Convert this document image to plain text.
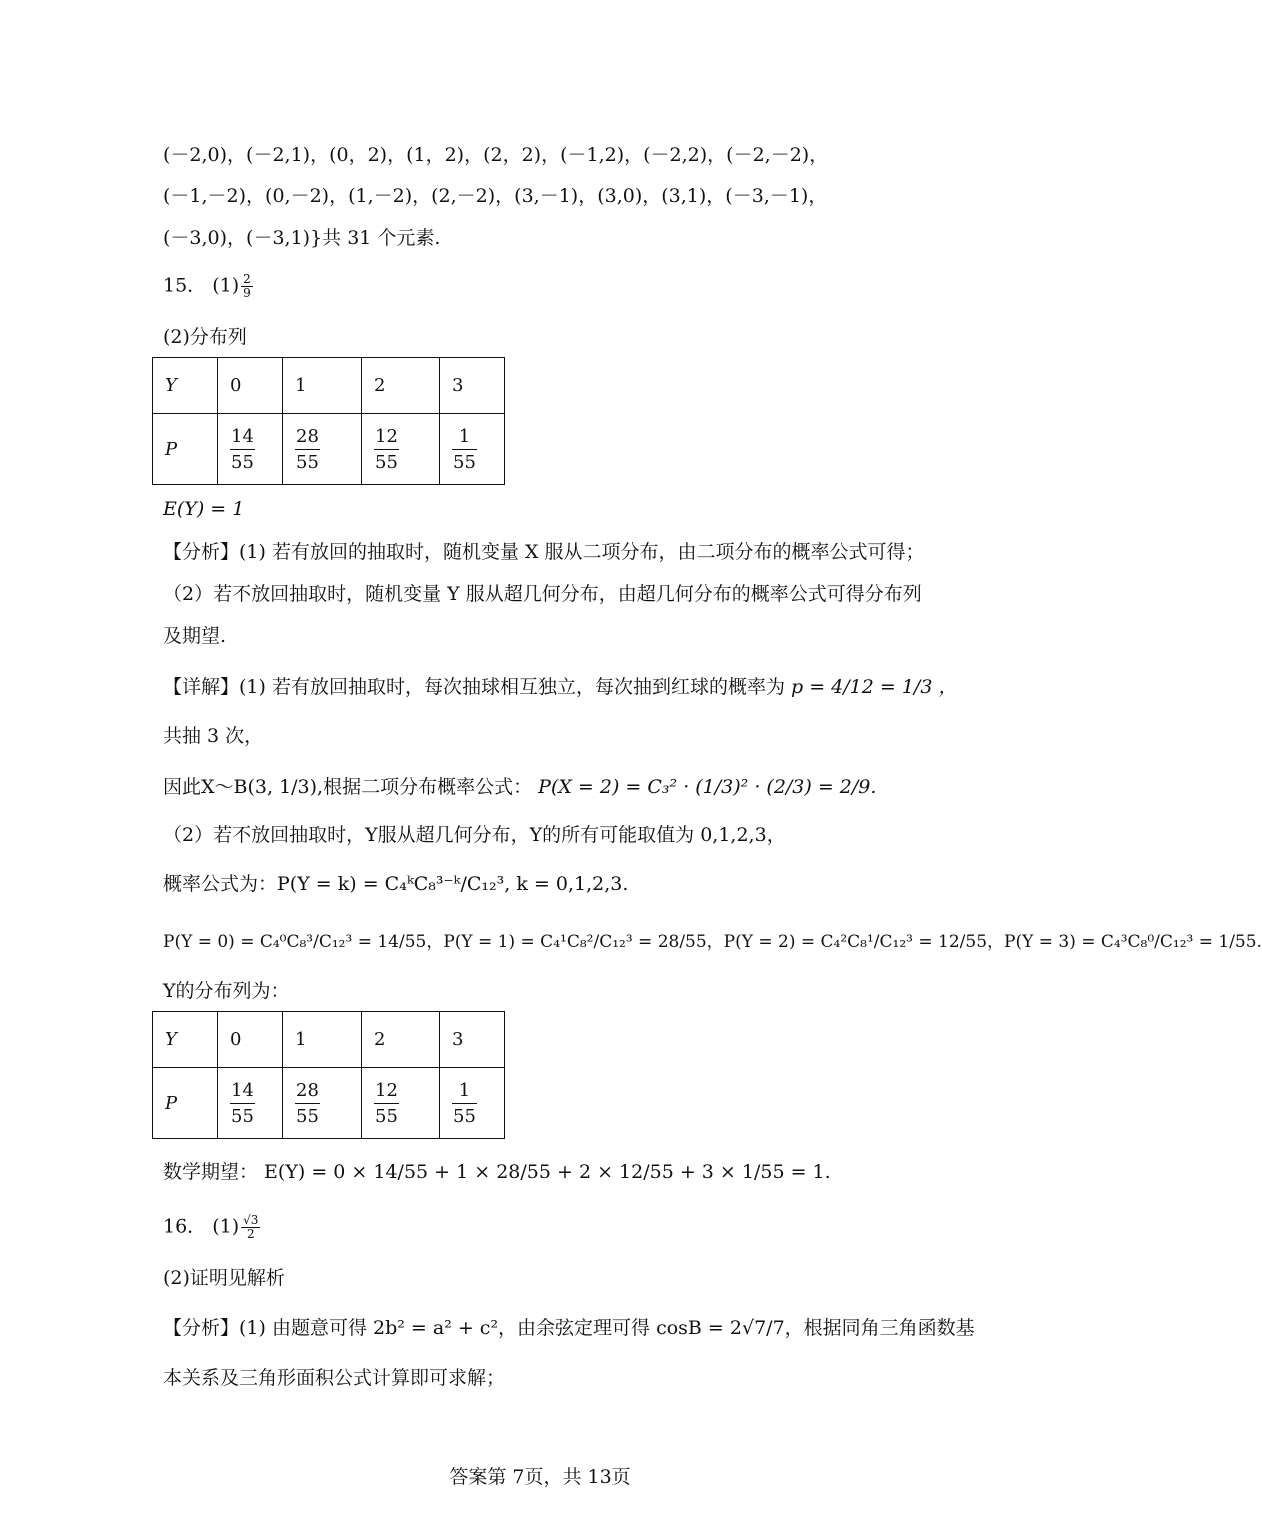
(－2,0)，(－2,1)，(0，2)，(1，2)，(2，2)，(－1,2)，(－2,2)，(－2,－2)，
(－1,－2)，(0,－2)，(1,－2)，(2,－2)，(3,－1)，(3,0)，(3,1)，(－3,－1)，
(－3,0)，(－3,1)}共 31 个元素.
15． $(1) \frac{2}{9}$
(2)分布列
Y	0	1	2	3
P	$\frac{14}{55}$	$\frac{28}{55}$	$\frac{12}{55}$	$\frac{1}{55}$
E(Y) = 1
【分析】(1) 若有放回的抽取时，随机变量 X 服从二项分布，由二项分布的概率公式可得；
（2）若不放回抽取时，随机变量 Y 服从超几何分布，由超几何分布的概率公式可得分布列
及期望.
【详解】(1) 若有放回抽取时，每次抽球相互独立，每次抽到红球的概率为 p = 4/12 = 1/3 ，
共抽 3 次，
因此X～B(3, 1/3),根据二项分布概率公式： P(X = 2) = C₃² · (1/3)² · (2/3) = 2/9.
（2）若不放回抽取时，Y服从超几何分布，Y的所有可能取值为 0,1,2,3，
概率公式为：P(Y = k) = C₄ᵏC₈³⁻ᵏ/C₁₂³, k = 0,1,2,3.
P(Y = 0) = C₄⁰C₈³/C₁₂³ = 14/55，P(Y = 1) = C₄¹C₈²/C₁₂³ = 28/55，P(Y = 2) = C₄²C₈¹/C₁₂³ = 12/55，P(Y = 3) = C₄³C₈⁰/C₁₂³ = 1/55.
Y的分布列为：
Y	0	1	2	3
P	$\frac{14}{55}$	$\frac{28}{55}$	$\frac{12}{55}$	$\frac{1}{55}$
数学期望： E(Y) = 0 × 14/55 + 1 × 28/55 + 2 × 12/55 + 3 × 1/55 = 1.
16． $(1) \frac{√3}{2}$
(2)证明见解析
【分析】(1) 由题意可得 2b² = a² + c²，由余弦定理可得 cosB = 2√7/7，根据同角三角函数基
本关系及三角形面积公式计算即可求解；
答案第 7页，共 13页
